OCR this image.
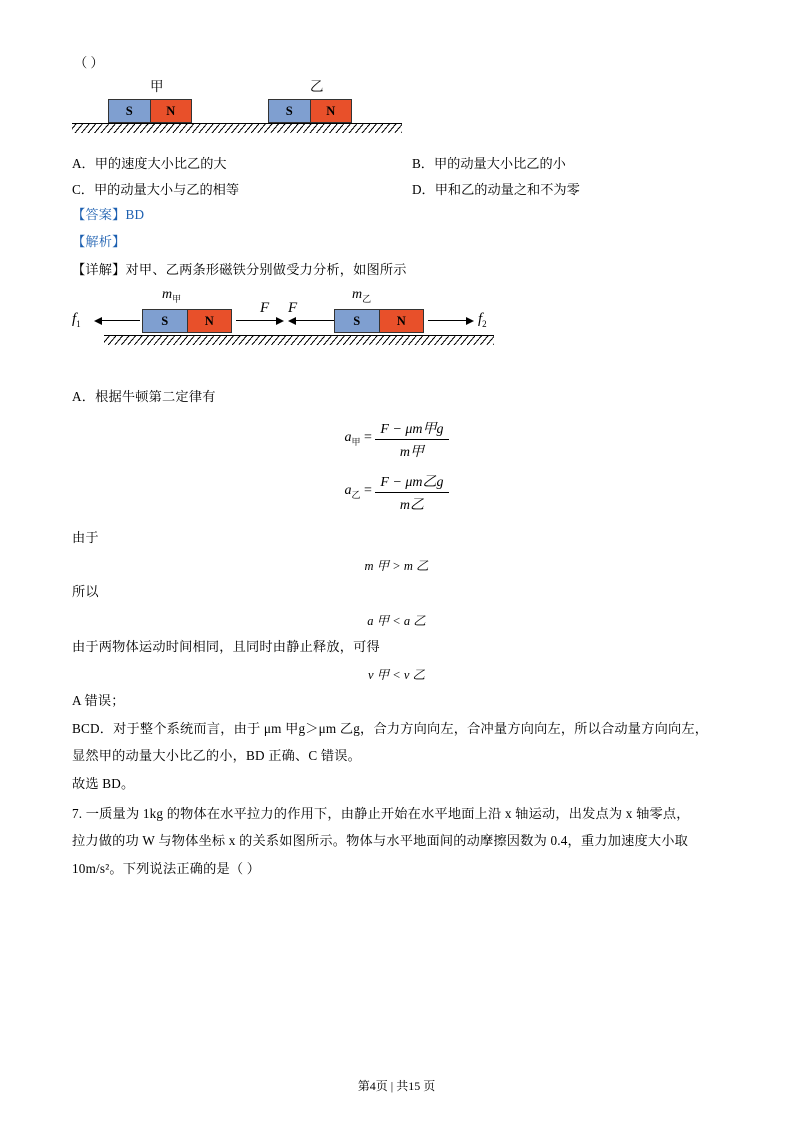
（ ）
甲	乙
S	N	S	N
A．甲的速度大小比乙的大	B．甲的动量大小比乙的小
C．甲的动量大小与乙的相等	D．甲和乙的动量之和不为零
【答案】BD
【解析】
【详解】对甲、乙两条形磁铁分别做受力分析，如图所示
$m_甲$	$m_乙$
$f_1$	S	N
F F
S	N	$f_2$
A．根据牛顿第二定律有
$a_甲 = \frac{\text{F − μm甲g}}{\text{m甲}}$
$a_乙 = \frac{\text{F − μm乙g}}{\text{m乙}}$
由于
m 甲 > m 乙
所以
a 甲 < a 乙
由于两物体运动时间相同，且同时由静止释放，可得
v 甲 < v 乙
A 错误；
BCD．对于整个系统而言，由于 μm 甲g＞μm 乙g，合力方向向左，合冲量方向向左，所以合动量方向向左，
显然甲的动量大小比乙的小，BD 正确、C 错误。
故选 BD。
7. 一质量为 1kg 的物体在水平拉力的作用下，由静止开始在水平地面上沿 x 轴运动，出发点为 x 轴零点，
拉力做的功 W 与物体坐标 x 的关系如图所示。物体与水平地面间的动摩擦因数为 0.4，重力加速度大小取
10m/s²。下列说法正确的是（ ）
第4页 | 共15 页
